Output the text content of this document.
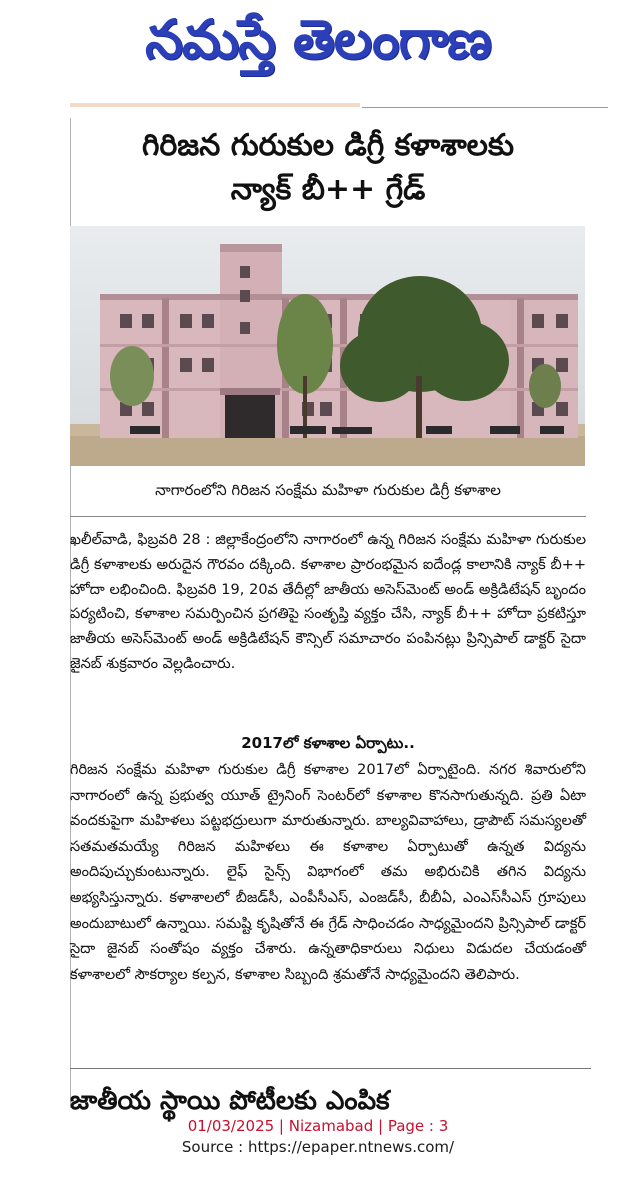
నమస్తే తెలంగాణ
గిరిజన గురుకుల డిగ్రీ కళాశాలకు
న్యాక్ బీ++ గ్రేడ్
నాగారంలోని గిరిజన సంక్షేమ మహిళా గురుకుల డిగ్రీ కళాశాల
ఖలీల్‌వాడి, ఫిబ్రవరి 28 : జిల్లాకేంద్రంలోని నాగారంలో ఉన్న గిరిజన సంక్షేమ మహిళా గురుకుల డిగ్రీ కళాశాలకు అరుదైన గౌరవం దక్కింది. కళాశాల ప్రారంభమైన ఐదేండ్ల కాలానికి న్యాక్ బీ++ హోదా లభించింది. ఫిబ్రవరి 19, 20వ తేదీల్లో జాతీయ అసెస్‌మెంట్ అండ్ అక్రిడిటేషన్ బృందం పర్యటించి, కళాశాల సమర్పించిన ప్రగతిపై సంతృప్తి వ్యక్తం చేసి, న్యాక్ బీ++ హోదా ప్రకటిస్తూ జాతీయ అసెస్‌మెంట్ అండ్ అక్రిడిటేషన్ కౌన్సిల్ సమాచారం పంపినట్లు ప్రిన్సిపాల్ డాక్టర్ సైదా జైనబ్ శుక్రవారం వెల్లడించారు.
2017లో కళాశాల ఏర్పాటు..
గిరిజన సంక్షేమ మహిళా గురుకుల డిగ్రీ కళాశాల 2017లో ఏర్పాటైంది. నగర శివారులోని నాగారంలో ఉన్న ప్రభుత్వ యూత్ ట్రైనింగ్ సెంటర్‌లో కళాశాల కొనసాగుతున్నది. ప్రతి ఏటా వందకుపైగా మహిళలు పట్టభద్రులుగా మారుతున్నారు. బాల్యవివాహాలు, డ్రాపౌట్ సమస్యలతో సతమతమయ్యే గిరిజన మహిళలు ఈ కళాశాల ఏర్పాటుతో ఉన్నత విద్యను అందిపుచ్చుకుంటున్నారు. లైఫ్ సైన్స్ విభాగంలో తమ అభిరుచికి తగిన విద్యను అభ్యసిస్తున్నారు. కళాశాలలో బీజడ్‌సీ, ఎంపీసీఎస్, ఎంజడ్‌సీ, బీబీఏ, ఎంఎస్‌సీఎస్ గ్రూపులు అందుబాటులో ఉన్నాయి. సమష్టి కృషితోనే ఈ గ్రేడ్ సాధించడం సాధ్యమైందని ప్రిన్సిపాల్ డాక్టర్ సైదా జైనబ్ సంతోషం వ్యక్తం చేశారు. ఉన్నతాధికారులు నిధులు విడుదల చేయడంతో కళాశాలలో సౌకర్యాల కల్పన, కళాశాల సిబ్బంది శ్రమతోనే సాధ్యమైందని తెలిపారు.
జాతీయ స్థాయి పోటీలకు ఎంపిక
01/03/2025 | Nizamabad | Page : 3
Source : https://epaper.ntnews.com/
